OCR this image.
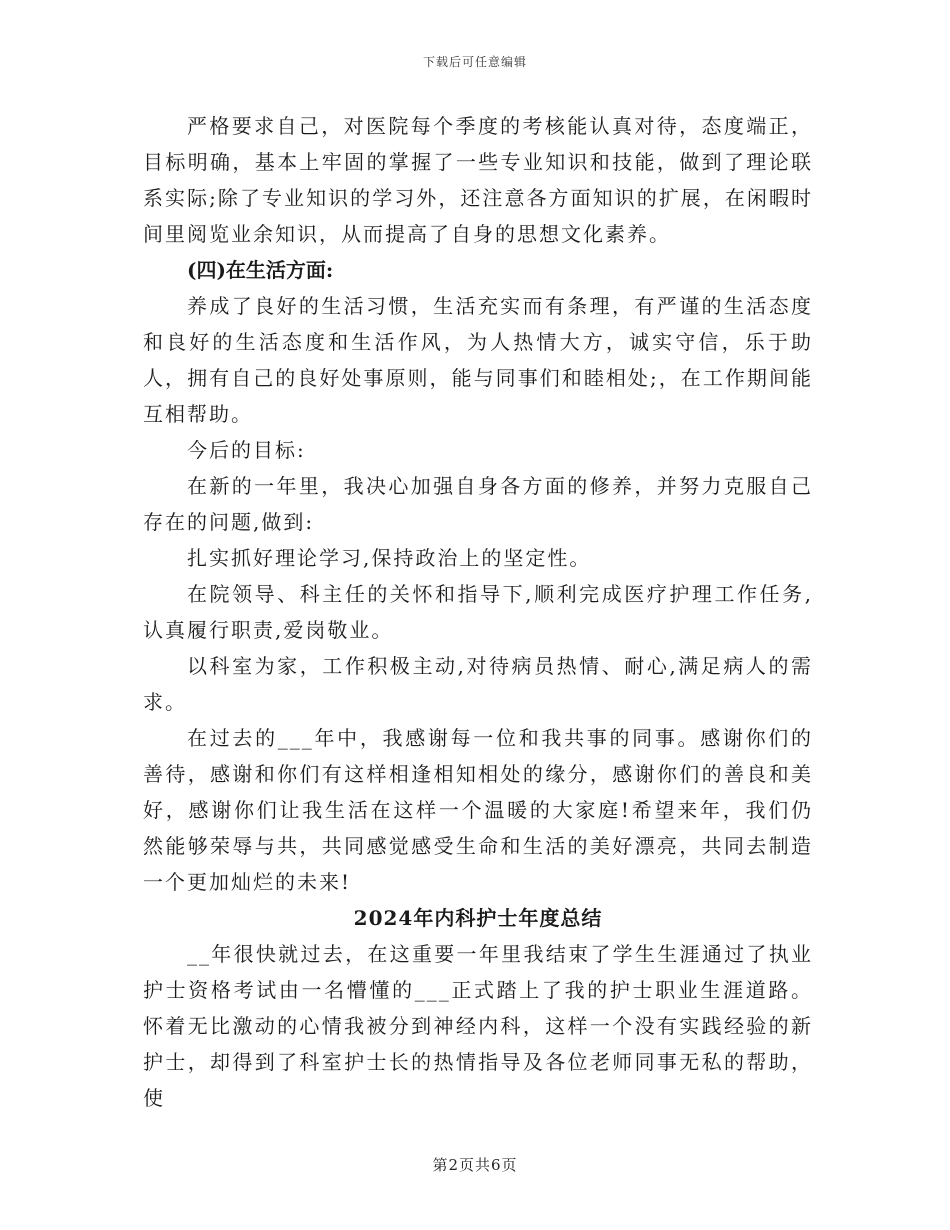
下载后可任意编辑

严格要求自己，对医院每个季度的考核能认真对待，态度端正，目标明确，基本上牢固的掌握了一些专业知识和技能，做到了理论联系实际;除了专业知识的学习外，还注意各方面知识的扩展，在闲暇时间里阅览业余知识，从而提高了自身的思想文化素养。

(四)在生活方面:

养成了良好的生活习惯，生活充实而有条理，有严谨的生活态度和良好的生活态度和生活作风，为人热情大方，诚实守信，乐于助人，拥有自己的良好处事原则，能与同事们和睦相处;，在工作期间能互相帮助。

今后的目标:

在新的一年里，我决心加强自身各方面的修养，并努力克服自己存在的问题,做到:

扎实抓好理论学习,保持政治上的坚定性。

在院领导、科主任的关怀和指导下,顺利完成医疗护理工作任务,认真履行职责,爱岗敬业。

以科室为家，工作积极主动,对待病员热情、耐心,满足病人的需求。

在过去的___年中，我感谢每一位和我共事的同事。感谢你们的善待，感谢和你们有这样相逢相知相处的缘分，感谢你们的善良和美好，感谢你们让我生活在这样一个温暖的大家庭!希望来年，我们仍然能够荣辱与共，共同感觉感受生命和生活的美好漂亮，共同去制造一个更加灿烂的未来!

2024年内科护士年度总结

__年很快就过去，在这重要一年里我结束了学生生涯通过了执业护士资格考试由一名懵懂的___正式踏上了我的护士职业生涯道路。怀着无比激动的心情我被分到神经内科，这样一个没有实践经验的新护士，却得到了科室护士长的热情指导及各位老师同事无私的帮助，使

第2页共6页
